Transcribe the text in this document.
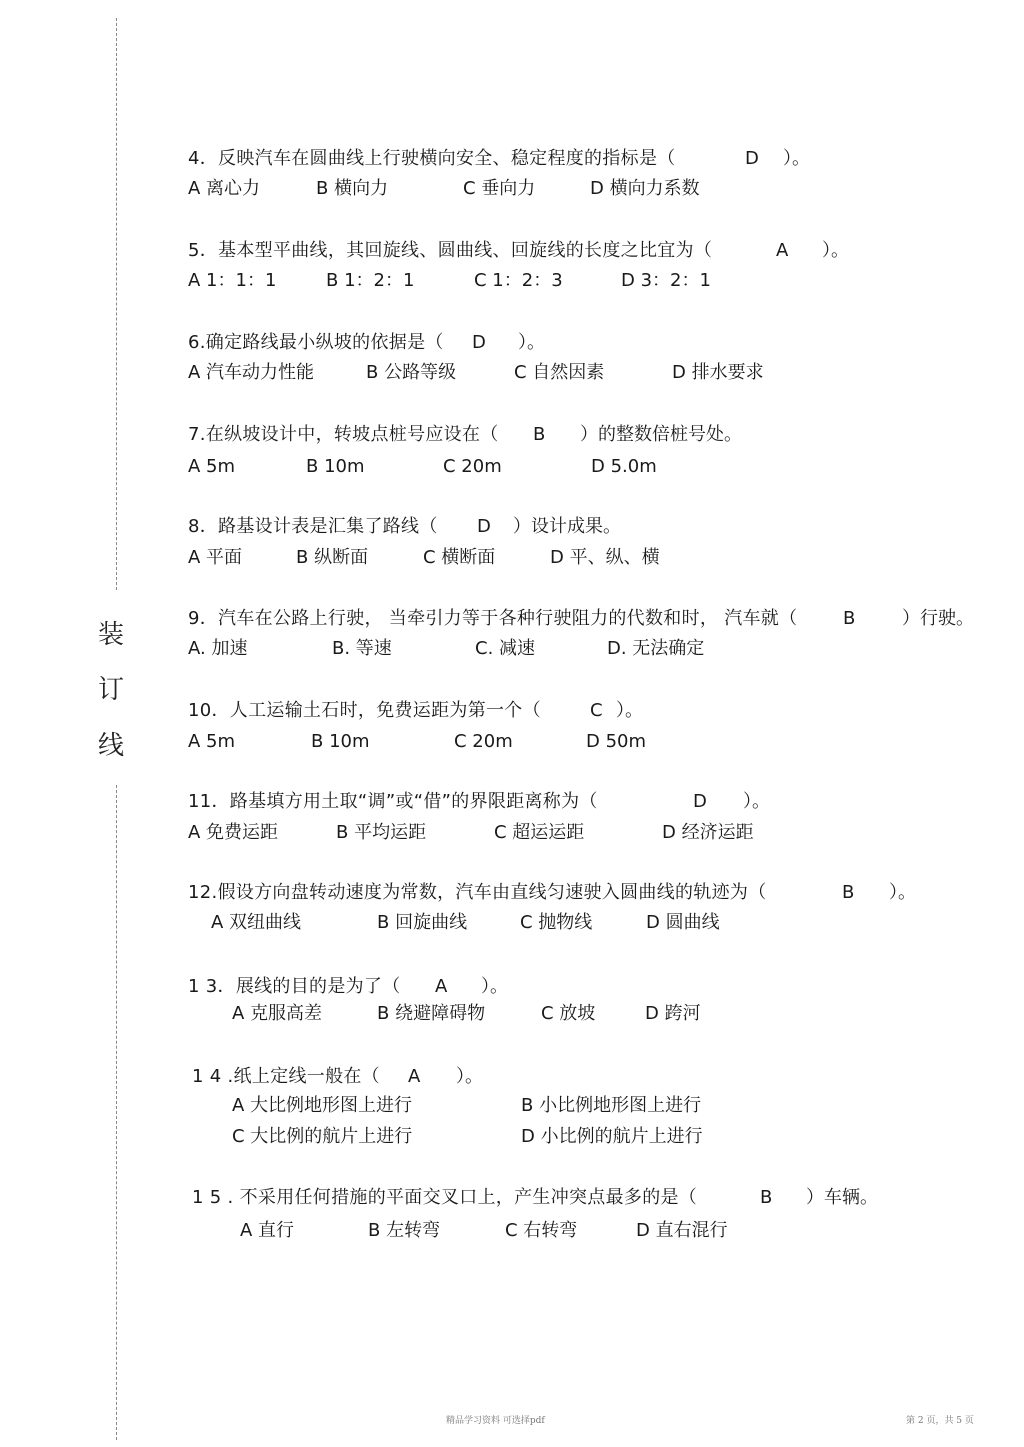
装
订
线
4．反映汽车在圆曲线上行驶横向安全、稳定程度的指标是（	D ）。
A 离心力	B 横向力	C 垂向力	D 横向力系数
5．基本型平曲线，其回旋线、圆曲线、回旋线的长度之比宜为（	A ）。
A 1：1：1	B 1：2：1	C 1：2：3	D 3：2：1
6.确定路线最小纵坡的依据是（ D ）。
A 汽车动力性能	B 公路等级	C 自然因素	D 排水要求
7.在纵坡设计中，转坡点桩号应设在（ B ）的整数倍桩号处。
A 5m	B 10m	C 20m	D 5.0m
8．路基设计表是汇集了路线（ D ）设计成果。
A 平面	B 纵断面	C 横断面	D 平、纵、横
9．汽车在公路上行驶， 当牵引力等于各种行驶阻力的代数和时， 汽车就（	B	）行驶。
A. 加速	B. 等速	C. 减速	D. 无法确定
10．人工运输土石时，免费运距为第一个（	C ）。
A 5m	B 10m	C 20m	D 50m
11．路基填方用土取“调”或“借”的界限距离称为（	D ）。
A 免费运距	B 平均运距	C 超运运距	D 经济运距
12.假设方向盘转动速度为常数，汽车由直线匀速驶入圆曲线的轨迹为（	B ）。
A 双纽曲线	B 回旋曲线	C 抛物线	D 圆曲线
1 3．展线的目的是为了（ A ）。
A 克服高差	B 绕避障碍物	C 放坡	D 跨河
1 4 .纸上定线一般在（ A ）。
A 大比例地形图上进行	B 小比例地形图上进行
C 大比例的航片上进行	D 小比例的航片上进行
1 5 . 不采用任何措施的平面交叉口上，产生冲突点最多的是（	B ）车辆。
A 直行	B 左转弯	C 右转弯	D 直右混行
精品学习资料 可选择pdf	第 2 页，共 5 页
